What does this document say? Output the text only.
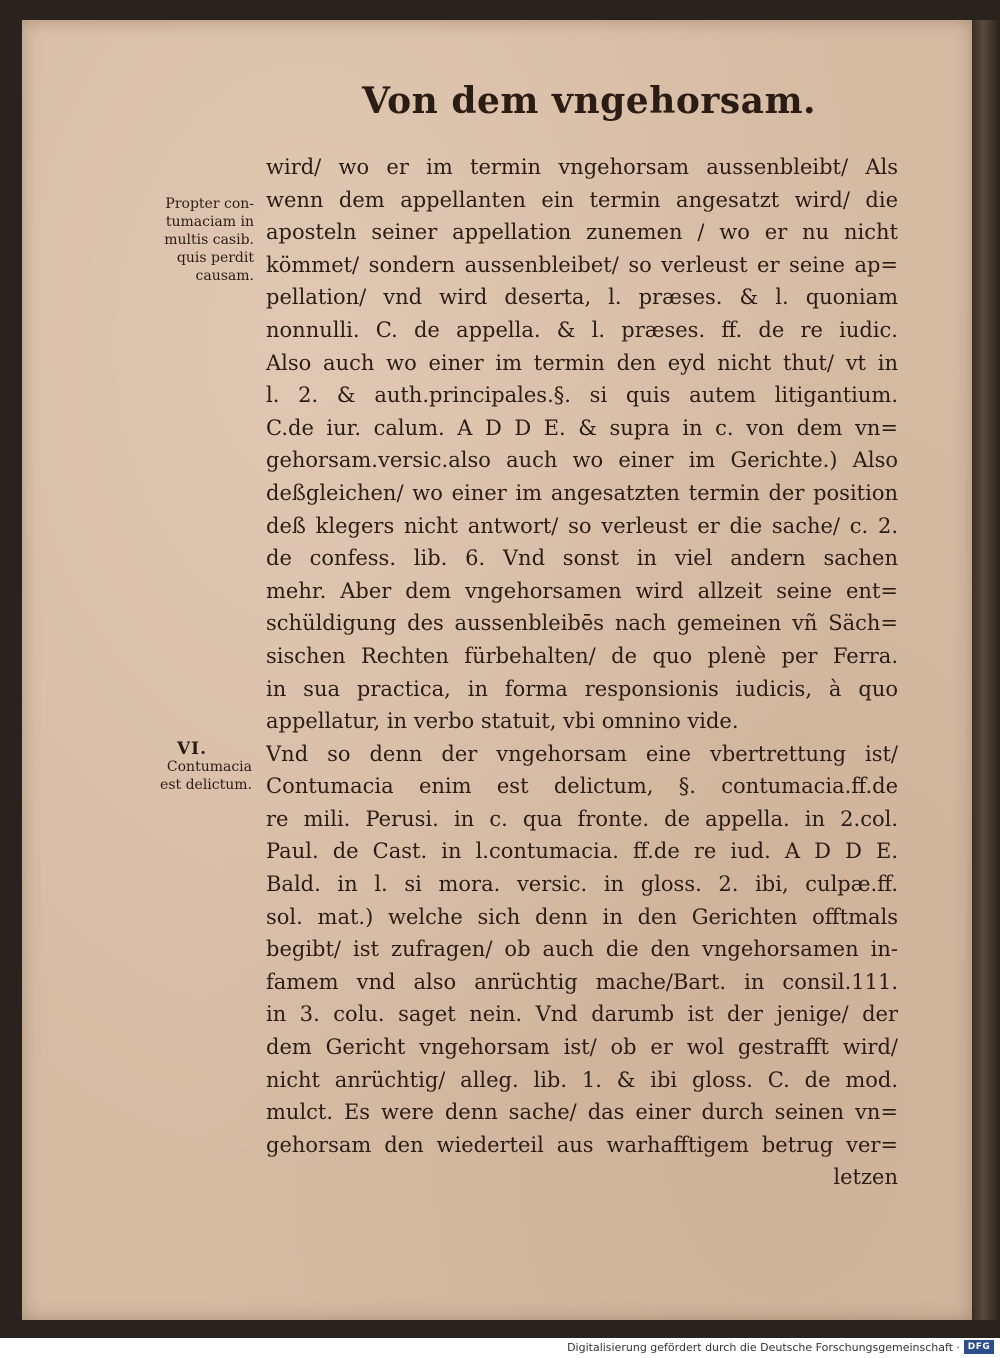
Von dem vngehorsam.
Propter con-
tumaciam in
multis casib.
quis perdit
causam.
VI.
Contumacia
est delictum.
wird/ wo er im termin vngehorsam aussenbleibt/ Als
wenn dem appellanten ein termin angesatzt wird/ die
aposteln seiner appellation zunemen / wo er nu nicht
kömmet/ sondern aussenbleibet/ so verleust er seine ap=
pellation/ vnd wird deserta, l. præses. & l. quoniam
nonnulli. C. de appella. & l. præses. ff. de re iudic.
Also auch wo einer im termin den eyd nicht thut/ vt in
l. 2. & auth.principales.§. si quis autem litigantium.
C.de iur. calum. A D D E. & supra in c. von dem vn=
gehorsam.versic.also auch wo einer im Gerichte.) Also
deßgleichen/ wo einer im angesatzten termin der position
deß klegers nicht antwort/ so verleust er die sache/ c. 2.
de confess. lib. 6. Vnd sonst in viel andern sachen
mehr. Aber dem vngehorsamen wird allzeit seine ent=
schüldigung des aussenbleibēs nach gemeinen vñ Säch=
sischen Rechten fürbehalten/ de quo plenè per Ferra.
in sua practica, in forma responsionis iudicis, à quo
appellatur, in verbo statuit, vbi omnino vide.
Vnd so denn der vngehorsam eine vbertrettung ist/
Contumacia enim est delictum, §. contumacia.ff.de
re mili. Perusi. in c. qua fronte. de appella. in 2.col.
Paul. de Cast. in l.contumacia. ff.de re iud. A D D E.
Bald. in l. si mora. versic. in gloss. 2. ibi, culpæ.ff.
sol. mat.) welche sich denn in den Gerichten offtmals
begibt/ ist zufragen/ ob auch die den vngehorsamen in-
famem vnd also anrüchtig mache/Bart. in consil.111.
in 3. colu. saget nein. Vnd darumb ist der jenige/ der
dem Gericht vngehorsam ist/ ob er wol gestrafft wird/
nicht anrüchtig/ alleg. lib. 1. & ibi gloss. C. de mod.
mulct. Es were denn sache/ das einer durch seinen vn=
gehorsam den wiederteil aus warhafftigem betrug ver=
letzen
Digitalisierung gefördert durch die Deutsche Forschungsgemeinschaft · DFG
